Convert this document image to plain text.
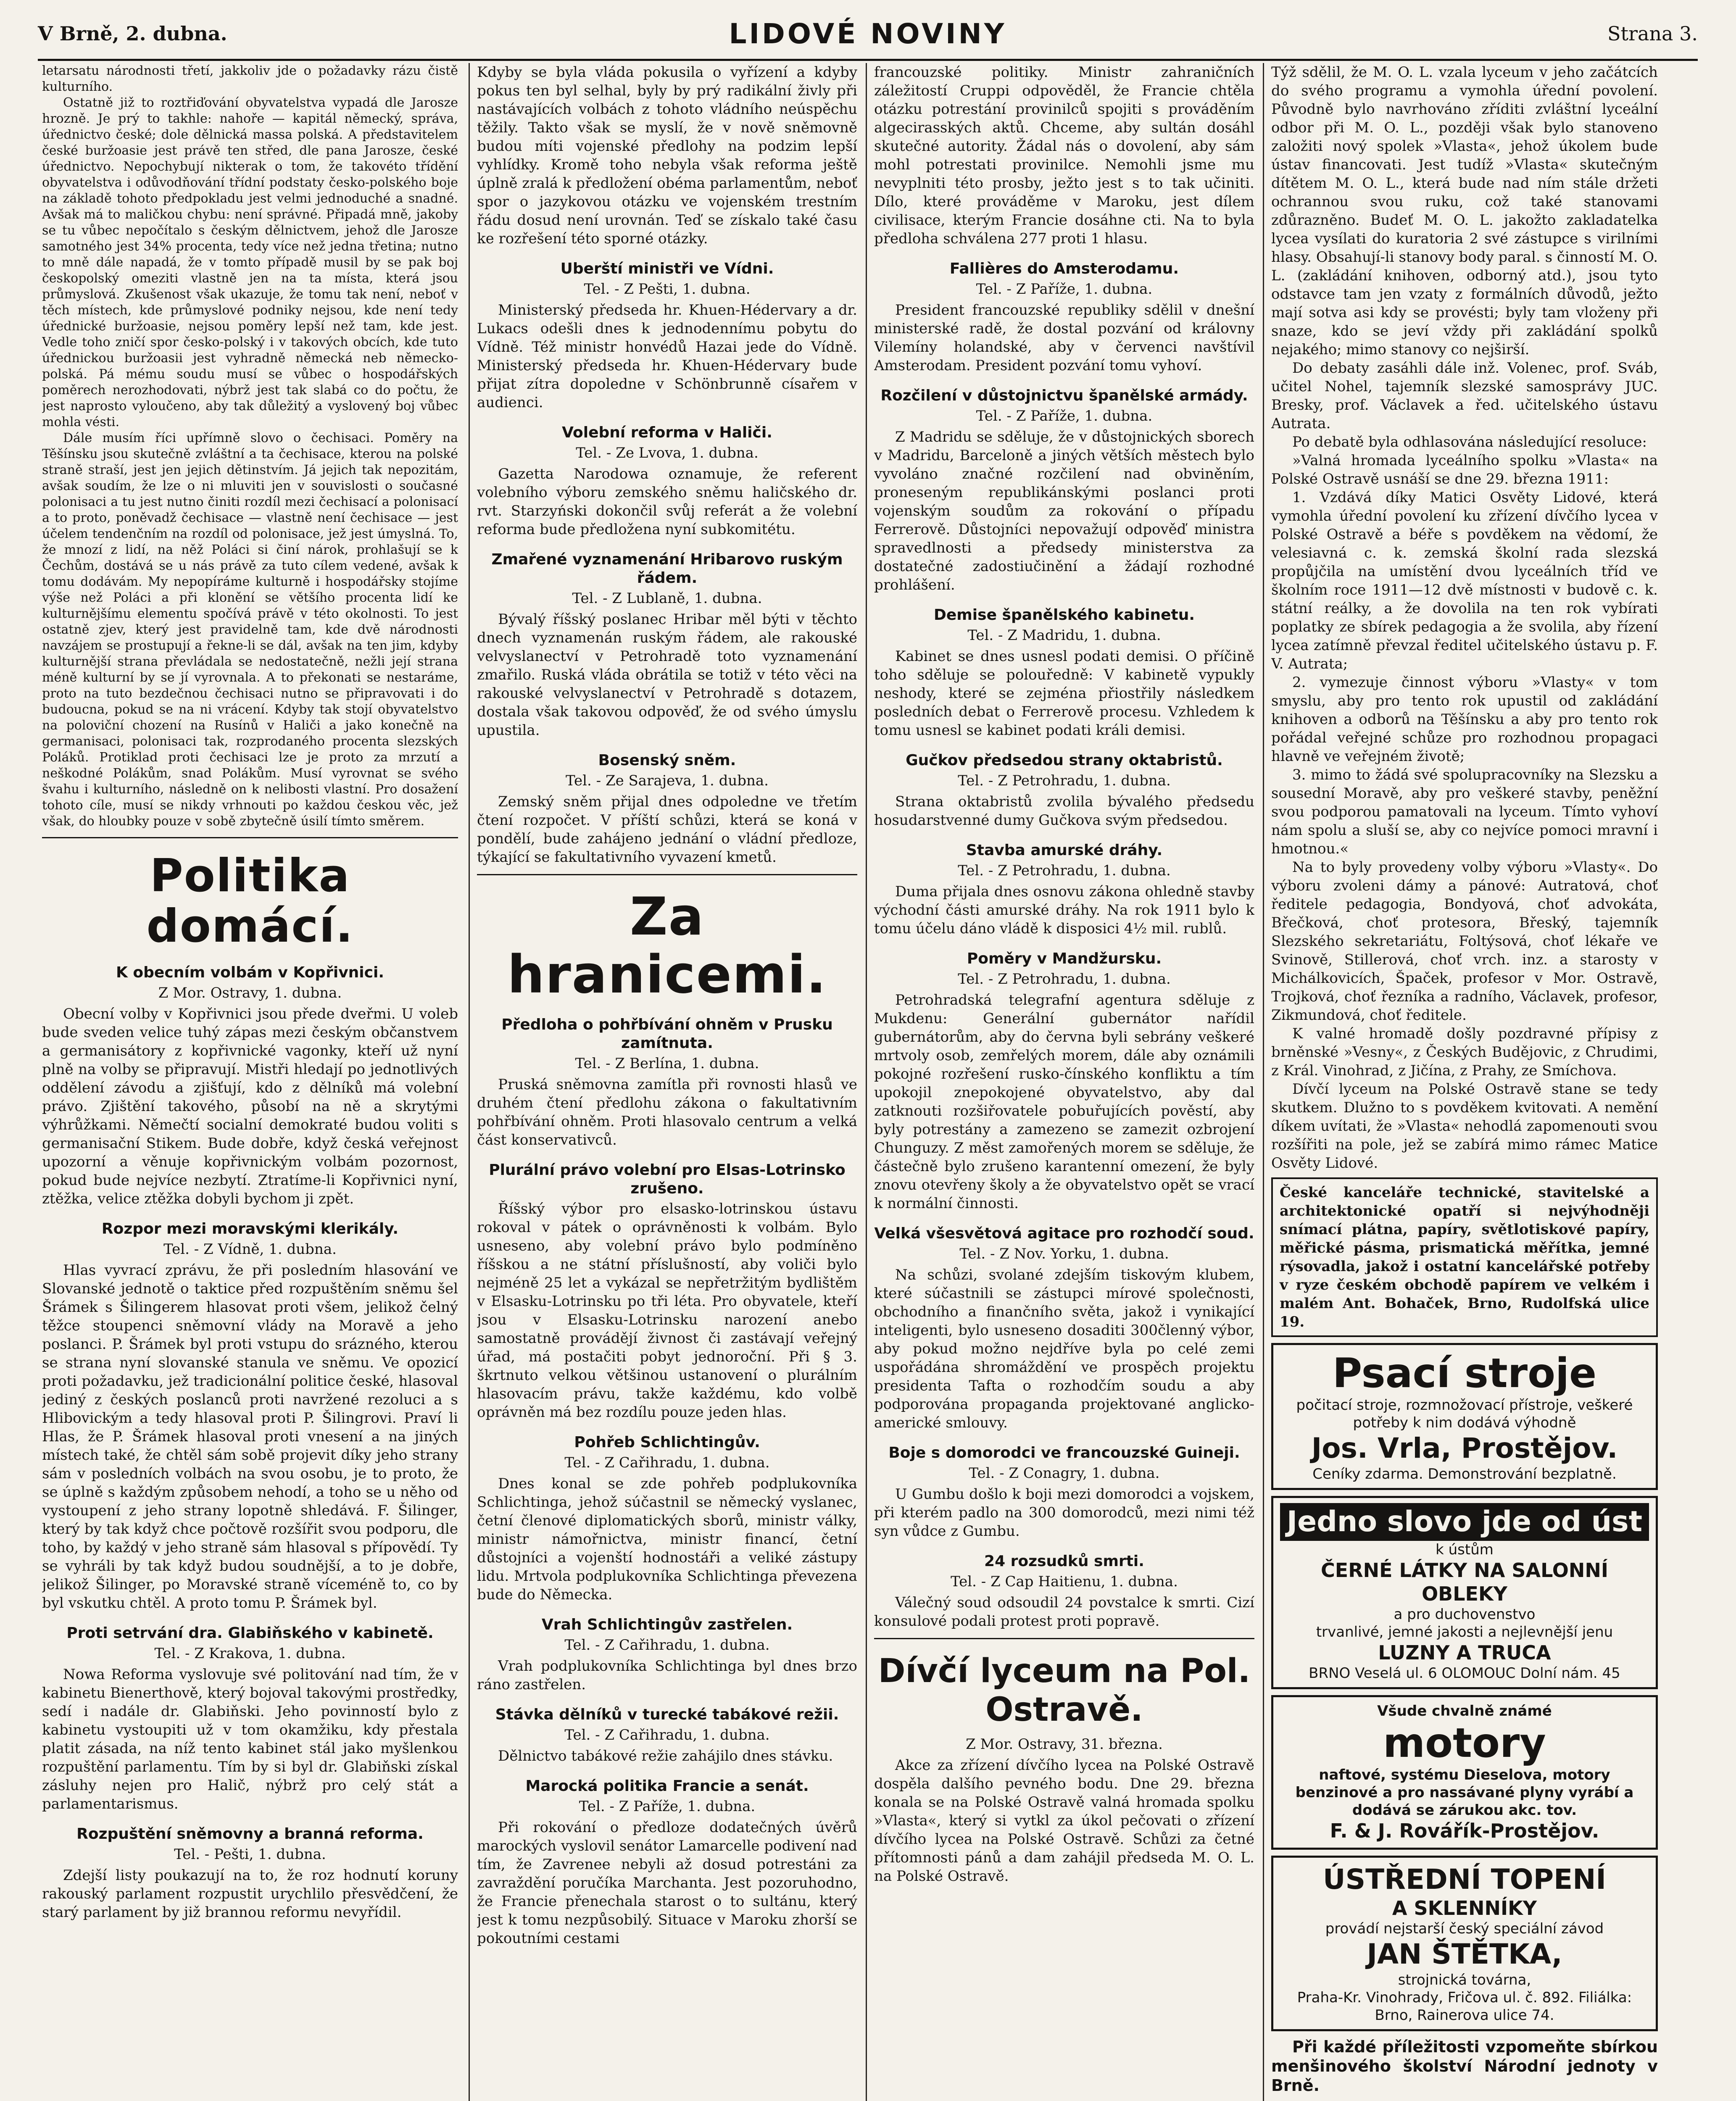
V Brně, 2. dubna.	LIDOVÉ NOVINY	Strana 3.

letarsatu národnosti třetí, jakkoliv jde o požadavky rázu čistě kulturního.

Ostatně již to roztřiďování obyvatelstva vypadá dle Jarosze hrozně. Je prý to takhle: nahoře — kapitál německý, správa, úřednictvo české; dole dělnická massa polská. A představitelem české buržoasie jest právě ten střed, dle pana Jarosze, české úřednictvo. Nepochybují nikterak o tom, že takovéto třídění obyvatelstva i odůvodňování třídní podstaty česko-polského boje na základě tohoto předpokladu jest velmi jednoduché a snadné. Avšak má to maličkou chybu: není správné. Připadá mně, jakoby se tu vůbec nepočítalo s českým dělnictvem, jehož dle Jarosze samotného jest 34% procenta, tedy více než jedna třetina; nutno to mně dále napadá, že v tomto případě musil by se pak boj českopolský omeziti vlastně jen na ta místa, která jsou průmyslová. Zkušenost však ukazuje, že tomu tak není, neboť v těch místech, kde průmyslové podniky nejsou, kde není tedy úřednické buržoasie, nejsou poměry lepší než tam, kde jest. Vedle toho zničí spor česko-polský i v takových obcích, kde tuto úřednickou buržoasii jest vyhradně německá neb německo-polská. Pá mému soudu musí se vůbec o hospodářských poměrech nerozhodovati, nýbrž jest tak slabá co do počtu, že jest naprosto vyloučeno, aby tak důležitý a vyslovený boj vůbec mohla vésti.

Dále musím říci upřímně slovo o čechisaci. Poměry na Těšínsku jsou skutečně zvláštní a ta čechisace, kterou na polské straně straší, jest jen jejich dětinstvím. Já jejich tak nepozitám, avšak soudím, že lze o ni mluviti jen v souvislosti o současné polonisaci a tu jest nutno činiti rozdíl mezi čechisací a polonisací a to proto, poněvadž čechisace — vlastně není čechisace — jest účelem tendenčním na rozdíl od polonisace, jež jest úmyslná. To, že mnozí z lidí, na něž Poláci si činí nárok, prohlašují se k Čechům, dostává se u nás právě za tuto cílem vedené, avšak k tomu dodávám. My nepopíráme kulturně i hospodářsky stojíme výše než Poláci a při klonění se většího procenta lidí ke kulturnějšímu elementu spočívá právě v této okolnosti. To jest ostatně zjev, který jest pravidelně tam, kde dvě národnosti navzájem se prostupují a řekne-li se dál, avšak na ten jim, kdyby kulturnější strana převládala se nedostatečně, nežli její strana méně kulturní by se jí vyrovnala. A to překonati se nestaráme, proto na tuto bezdečnou čechisaci nutno se připravovati i do budoucna, pokud se na ni vrácení. Kdyby tak stojí obyvatelstvo na poloviční chození na Rusínů v Haliči a jako konečně na germanisaci, polonisaci tak, rozprodaného procenta slezských Poláků. Protiklad proti čechisaci lze je proto za mrzutí a neškodné Polákům, snad Polákům. Musí vyrovnat se svého švahu i kulturního, následně on k nelibosti vlastní. Pro dosažení tohoto cíle, musí se nikdy vrhnouti po každou českou věc, jež však, do hloubky pouze v sobě zbytečně úsilí tímto směrem.

Politika domácí.
K obecním volbám v Kopřivnici.
Z Mor. Ostravy, 1. dubna.

Obecní volby v Kopřivnici jsou přede dveřmi. U voleb bude sveden velice tuhý zápas mezi českým občanstvem a germanisátory z kopřivnické vagonky, kteří už nyní plně na volby se připravují. Mistři hledají po jednotlivých oddělení závodu a zjišťují, kdo z dělníků má volební právo. Zjištění takového, působí na ně a skrytými výhrůžkami. Němečtí socialní demokraté budou voliti s germanisační Stikem. Bude dobře, když česká veřejnost upozorní a věnuje kopřivnickým volbám pozornost, pokud bude nejvíce nezbytí. Ztratíme-li Kopřivnici nyní, ztěžka, velice ztěžka dobyli bychom ji zpět.

Rozpor mezi moravskými klerikály.
Tel. - Z Vídně, 1. dubna.

Hlas vyvrací zprávu, že při posledním hlasování ve Slovanské jednotě o taktice před rozpuštěním sněmu šel Šrámek s Šilingerem hlasovat proti všem, jelikož čelný těžce stoupenci sněmovní vlády na Moravě a jeho poslanci. P. Šrámek byl proti vstupu do srázného, kterou se strana nyní slovanské stanula ve sněmu. Ve opozicí proti požadavku, jež tradicionální politice české, hlasoval jediný z českých poslanců proti navržené rezoluci a s Hlibovickým a tedy hlasoval proti P. Šilingrovi. Praví li Hlas, že P. Šrámek hlasoval proti vnesení a na jiných místech také, že chtěl sám sobě projevit díky jeho strany sám v posledních volbách na svou osobu, je to proto, že se úplně s každým způsobem nehodí, a toho se u něho od vystoupení z jeho strany lopotně shledává. F. Šilinger, který by tak když chce počtově rozšířit svou podporu, dle toho, by každý v jeho straně sám hlasoval s přípovědí. Ty se vyhráli by tak když budou soudnější, a to je dobře, jelikož Šilinger, po Moravské straně víceméně to, co by byl vskutku chtěl. A proto tomu P. Šrámek byl.

Proti setrvání dra. Glabiňského v kabinetě.
Tel. - Z Krakova, 1. dubna.

Nowa Reforma vyslovuje své politování nad tím, že v kabinetu Bienerthově, který bojoval takovými prostředky, sedí i nadále dr. Glabiňski. Jeho povinností bylo z kabinetu vystoupiti už v tom okamžiku, kdy přestala platit zásada, na níž tento kabinet stál jako myšlenkou rozpuštění parlamentu. Tím by si byl dr. Glabiňski získal zásluhy nejen pro Halič, nýbrž pro celý stát a parlamentarismus.

Rozpuštění sněmovny a branná reforma.
Tel. - Pešti, 1. dubna.

Zdejší listy poukazují na to, že roz hodnutí koruny rakouský parlament rozpustit urychlilo přesvědčení, že starý parlament by již brannou reformu nevyřídil.

Kdyby se byla vláda pokusila o vyřízení a kdyby pokus ten byl selhal, byly by prý radikální živly při nastávajících volbách z tohoto vládního neúspěchu těžily. Takto však se myslí, že v nově sněmovně budou míti vojenské předlohy na podzim lepší vyhlídky. Kromě toho nebyla však reforma ještě úplně zralá k předložení obéma parlamentům, neboť spor o jazykovou otázku ve vojenském trestním řádu dosud není urovnán. Teď se získalo také času ke rozřešení této sporné otázky.

Uberští ministři ve Vídni.
Tel. - Z Pešti, 1. dubna.

Ministerský předseda hr. Khuen-Hédervary a dr. Lukacs odešli dnes k jednodennímu pobytu do Vídně. Též ministr honvédů Hazai jede do Vídně. Ministerský předseda hr. Khuen-Hédervary bude přijat zítra dopoledne v Schönbrunně císařem v audienci.

Volební reforma v Haliči.
Tel. - Ze Lvova, 1. dubna.

Gazetta Narodowa oznamuje, že referent volebního výboru zemského sněmu haličského dr. rvt. Starzyński dokončil svůj referát a že volební reforma bude předložena nyní subkomitétu.

Zmařené vyznamenání Hribarovo ruským řádem.
Tel. - Z Lublaně, 1. dubna.

Bývalý říšský poslanec Hribar měl býti v těchto dnech vyznamenán ruským řádem, ale rakouské velvyslanectví v Petrohradě toto vyznamenání zmařilo. Ruská vláda obrátila se totiž v této věci na rakouské velvyslanectví v Petrohradě s dotazem, dostala však takovou odpověď, že od svého úmyslu upustila.

Bosenský sněm.
Tel. - Ze Sarajeva, 1. dubna.

Zemský sněm přijal dnes odpoledne ve třetím čtení rozpočet. V příští schůzi, která se koná v pondělí, bude zahájeno jednání o vládní předloze, týkající se fakultativního vyvazení kmetů.

Za hranicemi.
Předloha o pohřbívání ohněm v Prusku zamítnuta.
Tel. - Z Berlína, 1. dubna.

Pruská sněmovna zamítla při rovnosti hlasů ve druhém čtení předlohu zákona o fakultativním pohřbívání ohněm. Proti hlasovalo centrum a velká část konservativců.

Plurální právo volební pro Elsas-Lotrinsko zrušeno.

Říšský výbor pro elsasko-lotrinskou ústavu rokoval v pátek o oprávněnosti k volbám. Bylo usneseno, aby volební právo bylo podmíněno říšskou a ne státní příslušností, aby voliči bylo nejméně 25 let a vykázal se nepřetržitým bydlištěm v Elsasku-Lotrinsku po tři léta. Pro obyvatele, kteří jsou v Elsasku-Lotrinsku narození anebo samostatně provádějí živnost či zastávají veřejný úřad, má postačiti pobyt jednoroční. Při § 3. škrtnuto velkou většinou ustanovení o plurálním hlasovacím právu, takže každému, kdo volbě oprávněn má bez rozdílu pouze jeden hlas.

Pohřeb Schlichtingův.
Tel. - Z Cařihradu, 1. dubna.

Dnes konal se zde pohřeb podplukovníka Schlichtinga, jehož súčastnil se německý vyslanec, četní členové diplomatických sborů, ministr války, ministr námořnictva, ministr financí, četní důstojníci a vojenští hodnostáři a veliké zástupy lidu. Mrtvola podplukovníka Schlichtinga převezena bude do Německa.

Vrah Schlichtingův zastřelen.
Tel. - Z Cařihradu, 1. dubna.

Vrah podplukovníka Schlichtinga byl dnes brzo ráno zastřelen.

Stávka dělníků v turecké tabákové režii.
Tel. - Z Cařihradu, 1. dubna.

Dělnictvo tabákové režie zahájilo dnes stávku.

Marocká politika Francie a senát.
Tel. - Z Paříže, 1. dubna.

Při rokování o předloze dodatečných úvěrů marockých vyslovil senátor Lamarcelle podivení nad tím, že Zavrenee nebyli až dosud potrestáni za zavraždění poručíka Marchanta. Jest pozoruhodno, že Francie přenechala starost o to sultánu, který jest k tomu nezpůsobilý. Situace v Maroku zhorší se pokoutními cestami

francouzské politiky. Ministr zahraničních záležitostí Cruppi odpověděl, že Francie chtěla otázku potrestání provinilců spojiti s prováděním algecirasských aktů. Chceme, aby sultán dosáhl skutečné autority. Žádal nás o dovolení, aby sám mohl potrestati provinilce. Nemohli jsme mu nevyplniti této prosby, ježto jest s to tak učiniti. Dílo, které prováděme v Maroku, jest dílem civilisace, kterým Francie dosáhne cti. Na to byla předloha schválena 277 proti 1 hlasu.

Fallières do Amsterodamu.
Tel. - Z Paříže, 1. dubna.

President francouzské republiky sdělil v dnešní ministerské radě, že dostal pozvání od královny Vilemíny holandské, aby v červenci navštívil Amsterodam. President pozvání tomu vyhoví.

Rozčilení v důstojnictvu španělské armády.
Tel. - Z Paříže, 1. dubna.

Z Madridu se sděluje, že v důstojnických sborech v Madridu, Barceloně a jiných větších městech bylo vyvoláno značné rozčilení nad obviněním, proneseným republikánskými poslanci proti vojenským soudům za rokování o případu Ferrerově. Důstojníci nepovažují odpověď ministra spravedlnosti a předsedy ministerstva za dostatečné zadostiučinění a žádají rozhodné prohlášení.

Demise španělského kabinetu.
Tel. - Z Madridu, 1. dubna.

Kabinet se dnes usnesl podati demisi. O příčině toho sděluje se polouředně: V kabinetě vypukly neshody, které se zejména přiostřily následkem posledních debat o Ferrerově procesu. Vzhledem k tomu usnesl se kabinet podati králi demisi.

Gučkov předsedou strany oktabristů.
Tel. - Z Petrohradu, 1. dubna.

Strana oktabristů zvolila bývalého předsedu hosudarstvenné dumy Gučkova svým předsedou.

Stavba amurské dráhy.
Tel. - Z Petrohradu, 1. dubna.

Duma přijala dnes osnovu zákona ohledně stavby východní části amurské dráhy. Na rok 1911 bylo k tomu účelu dáno vládě k disposici 4½ mil. rublů.

Poměry v Mandžursku.
Tel. - Z Petrohradu, 1. dubna.

Petrohradská telegrafní agentura sděluje z Mukdenu: Generální gubernátor nařídil gubernátorům, aby do června byli sebrány veškeré mrtvoly osob, zemřelých morem, dále aby oznámili pokojné rozřešení rusko-čínského konfliktu a tím upokojil znepokojené obyvatelstvo, aby dal zatknouti rozšiřovatele pobuřujících pověstí, aby byly potrestány a zamezeno se zamezit ozbrojení Chunguzy. Z měst zamořených morem se sděluje, že částečně bylo zrušeno karantenní omezení, že byly znovu otevřeny školy a že obyvatelstvo opět se vrací k normální činnosti.

Velká všesvětová agitace pro rozhodčí soud.
Tel. - Z Nov. Yorku, 1. dubna.

Na schůzi, svolané zdejším tiskovým klubem, které súčastnili se zástupci mírové společnosti, obchodního a finančního světa, jakož i vynikající inteligenti, bylo usneseno dosaditi 300členný výbor, aby pokud možno nejdříve byla po celé zemi uspořádána shromáždění ve prospěch projektu presidenta Tafta o rozhodčím soudu a aby podporována propaganda projektované anglicko-americké smlouvy.

Boje s domorodci ve francouzské Guineji.
Tel. - Z Conagry, 1. dubna.

U Gumbu došlo k boji mezi domorodci a vojskem, při kterém padlo na 300 domorodců, mezi nimi též syn vůdce z Gumbu.

24 rozsudků smrti.
Tel. - Z Cap Haitienu, 1. dubna.

Válečný soud odsoudil 24 povstalce k smrti. Cizí konsulové podali protest proti popravě.

Dívčí lyceum na Pol. Ostravě.
Z Mor. Ostravy, 31. března.

Akce za zřízení dívčího lycea na Polské Ostravě dospěla dalšího pevného bodu. Dne 29. března konala se na Polské Ostravě valná hromada spolku »Vlasta«, který si vytkl za úkol pečovati o zřízení dívčího lycea na Polské Ostravě. Schůzi za četné přítomnosti pánů a dam zahájil předseda M. O. L. na Polské Ostravě.

Týž sdělil, že M. O. L. vzala lyceum v jeho začátcích do svého programu a vymohla úřední povolení. Původně bylo navrhováno zříditi zvláštní lyceální odbor při M. O. L., později však bylo stanoveno založiti nový spolek »Vlasta«, jehož úkolem bude ústav financovati. Jest tudíž »Vlasta« skutečným dítětem M. O. L., která bude nad ním stále držeti ochrannou svou ruku, což také stanovami zdůrazněno. Budeť M. O. L. jakožto zakladatelka lycea vysílati do kuratoria 2 své zástupce s virilními hlasy. Obsahují-li stanovy body paral. s činností M. O. L. (zakládání knihoven, odborný atd.), jsou tyto odstavce tam jen vzaty z formálních důvodů, ježto mají sotva asi kdy se provésti; byly tam vloženy při snaze, kdo se jeví vždy při zakládání spolků nejakého; mimo stanovy co nejširší.

Do debaty zasáhli dále inž. Volenec, prof. Sváb, učitel Nohel, tajemník slezské samosprávy JUC. Bresky, prof. Václavek a řed. učitelského ústavu Autrata.

Po debatě byla odhlasována následující resoluce:

»Valná hromada lyceálního spolku »Vlasta« na Polské Ostravě usnáší se dne 29. března 1911:

1. Vzdává díky Matici Osvěty Lidové, která vymohla úřední povolení ku zřízení dívčího lycea v Polské Ostravě a béře s povděkem na vědomí, že velesiavná c. k. zemská školní rada slezská propůjčila na umístění dvou lyceálních tříd ve školním roce 1911—12 dvě místnosti v budově c. k. státní reálky, a že dovolila na ten rok vybírati poplatky ze sbírek pedagogia a že svolila, aby řízení lycea zatímně převzal ředitel učitelského ústavu p. F. V. Autrata;

2. vymezuje činnost výboru »Vlasty« v tom smyslu, aby pro tento rok upustil od zakládání knihoven a odborů na Těšínsku a aby pro tento rok pořádal veřejné schůze pro rozhodnou propagaci hlavně ve veřejném životě;

3. mimo to žádá své spolupracovníky na Slezsku a sousední Moravě, aby pro veškeré stavby, peněžní svou podporou pamatovali na lyceum. Tímto vyhoví nám spolu a sluší se, aby co nejvíce pomoci mravní i hmotnou.«

Na to byly provedeny volby výboru »Vlasty«. Do výboru zvoleni dámy a pánové: Autratová, choť ředitele pedagogia, Bondyová, choť advokáta, Břečková, choť protesora, Břeský, tajemník Slezského sekretariátu, Foltýsová, choť lékaře ve Svinově, Stillerová, choť vrch. inz. a starosty v Michálkovicích, Špaček, profesor v Mor. Ostravě, Trojková, choť řezníka a radního, Václavek, profesor, Zikmundová, choť ředitele.

K valné hromadě došly pozdravné přípisy z brněnské »Vesny«, z Českých Budějovic, z Chrudimi, z Král. Vinohrad, z Jičína, z Prahy, ze Smíchova.

Dívčí lyceum na Polské Ostravě stane se tedy skutkem. Dlužno to s povděkem kvitovati. A nemění díkem uvítati, že »Vlasta« nehodlá zapomenouti svou rozšířiti na pole, jež se zabírá mimo rámec Matice Osvěty Lidové.

České kanceláře technické, stavitelské a architektonické opatří si nejvýhodněji snímací plátna, papíry, světlotiskové papíry, měřické pásma, prismatická měřítka, jemné rýsovadla, jakož i ostatní kancelářské potřeby v ryze českém obchodě papírem ve velkém i malém Ant. Bohaček, Brno, Rudolfská ulice 19.

Psací stroje
počitací stroje, rozmnožovací přístroje, veškeré potřeby k nim dodává výhodně
Jos. Vrla, Prostějov.
Ceníky zdarma. Demonstrování bezplatně.
Jedno slovo jde od úst
k ústům
ČERNÉ LÁTKY NA SALONNÍ
OBLEKY
a pro duchovenstvo
trvanlivé, jemné jakosti a nejlevnější jenu
LUZNY A TRUCA
BRNO Veselá ul. 6 OLOMOUC Dolní nám. 45
Všude chvalně známé
motory
naftové, systému Dieselova, motory benzinové a pro nassávané plyny vyrábí a dodává se zárukou akc. tov.
F. & J. Rovářík-Prostějov.
ÚSTŘEDNÍ TOPENÍ
A SKLENNÍKY
provádí nejstarší český speciální závod
JAN ŠTĚTKA,
strojnická továrna,
Praha-Kr. Vinohrady, Fričova ul. č. 892. Filiálka: Brno, Rainerova ulice 74.

Při každé příležitosti vzpomeňte sbírkou menšinového školství Národní jednoty v Brně.
